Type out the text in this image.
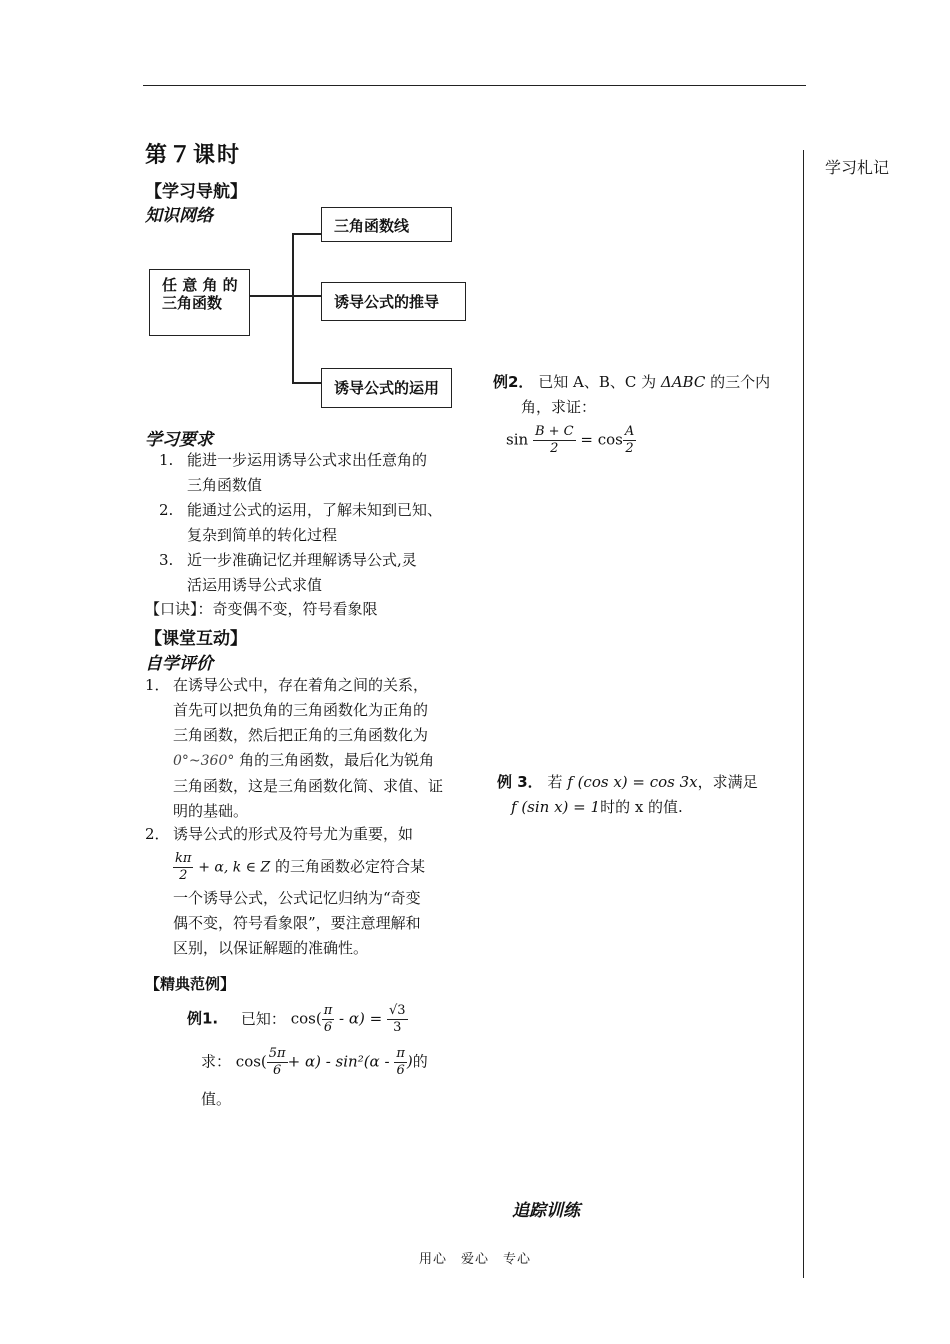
学习札记
第７课时
【学习导航】
知识网络
任 意 角 的
三角函数
三角函数线
诱导公式的推导
诱导公式的运用
学习要求
1. 能进一步运用诱导公式求出任意角的
三角函数值
2. 能通过公式的运用，了解未知到已知、
复杂到简单的转化过程
3. 近一步准确记忆并理解诱导公式,灵
活运用诱导公式求值
【口诀】：奇变偶不变，符号看象限
【课堂互动】
自学评价
1． 在诱导公式中，存在着角之间的关系，
首先可以把负角的三角函数化为正角的
三角函数，然后把正角的三角函数化为
0°~360° 角的三角函数，最后化为锐角
三角函数，这是三角函数化简、求值、证
明的基础。
2． 诱导公式的形式及符号尤为重要，如
$\frac{k\pi}{2} + \alpha$, k ∈ Z 的三角函数必定符合某
一个诱导公式，公式记忆归纳为“奇变
偶不变，符号看象限”，要注意理解和
区别，以保证解题的准确性。
【精典范例】
例1. 已知： $\cos( \frac{\pi}{6} - \alpha) = \frac{√3}{3}$
求： $\cos( \frac{5\pi}{6} + \alpha) - \sin^2(\alpha - \frac{\pi}{6}$ )的
值。
例2． 已知 A、B、C 为 ΔABC 的三个内
角，求证：
$\sin \frac{B + C}{2} = \cos \frac{A}{2}$
例 3． 若 f (cos x) = cos 3x，求满足
f (sin x) = 1时的 x 的值.
追踪训练
用心　爱心　专心
